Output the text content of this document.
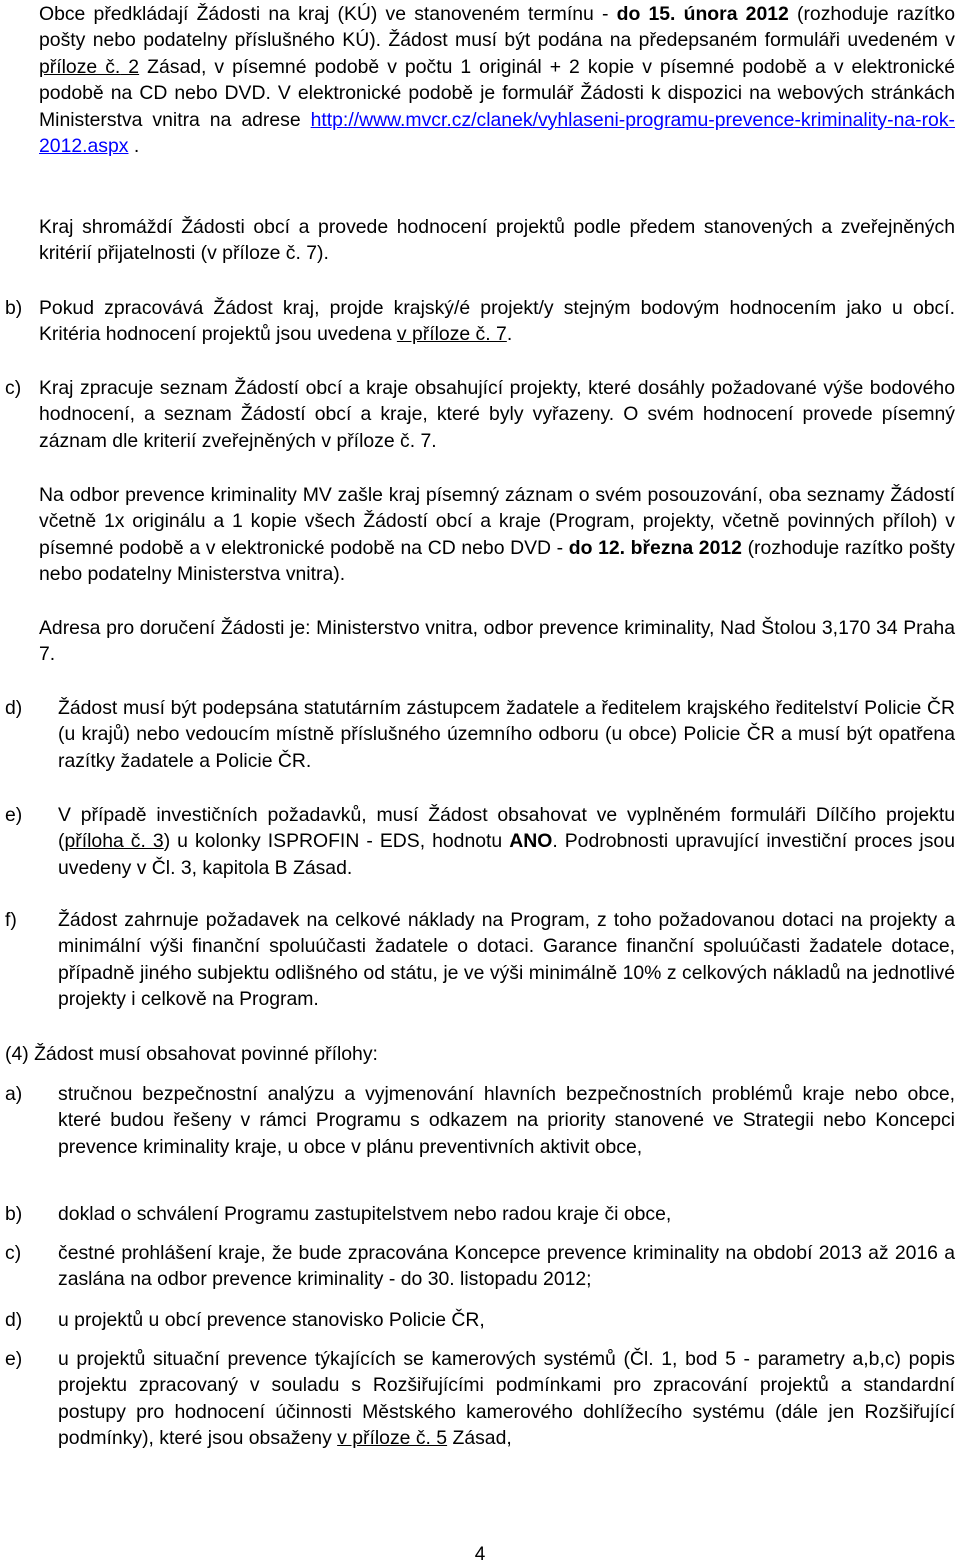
Obce předkládají Žádosti na kraj (KÚ) ve stanoveném termínu - do 15. února 2012 (rozhoduje razítko pošty nebo podatelny příslušného KÚ). Žádost musí být podána na předepsaném formuláři uvedeném v příloze č. 2 Zásad, v písemné podobě v počtu 1 originál + 2 kopie v písemné podobě a v elektronické podobě na CD nebo DVD. V elektronické podobě je formulář Žádosti k dispozici na webových stránkách Ministerstva vnitra na adrese http://www.mvcr.cz/clanek/vyhlaseni-programu-prevence-kriminality-na-rok-2012.aspx .

Kraj shromáždí Žádosti obcí a provede hodnocení projektů podle předem stanovených a zveřejněných kritérií přijatelnosti (v příloze č. 7).

b) Pokud zpracovává Žádost kraj, projde krajský/é projekt/y stejným bodovým hodnocením jako u obcí. Kritéria hodnocení projektů jsou uvedena v příloze č. 7.

c) Kraj zpracuje seznam Žádostí obcí a kraje obsahující projekty, které dosáhly požadované výše bodového hodnocení, a seznam Žádostí obcí a kraje, které byly vyřazeny. O svém hodnocení provede písemný záznam dle kriterií zveřejněných v příloze č. 7.

Na odbor prevence kriminality MV zašle kraj písemný záznam o svém posouzování, oba seznamy Žádostí včetně 1x originálu a 1 kopie všech Žádostí obcí a kraje (Program, projekty, včetně povinných příloh) v písemné podobě a v elektronické podobě na CD nebo DVD - do 12. března 2012 (rozhoduje razítko pošty nebo podatelny Ministerstva vnitra).

Adresa pro doručení Žádosti je: Ministerstvo vnitra, odbor prevence kriminality, Nad Štolou 3,170 34 Praha 7.

d) Žádost musí být podepsána statutárním zástupcem žadatele a ředitelem krajského ředitelství Policie ČR (u krajů) nebo vedoucím místně příslušného územního odboru (u obce) Policie ČR a musí být opatřena razítky žadatele a Policie ČR.

e) V případě investičních požadavků, musí Žádost obsahovat ve vyplněném formuláři Dílčího projektu (příloha č. 3) u kolonky ISPROFIN - EDS, hodnotu ANO. Podrobnosti upravující investiční proces jsou uvedeny v Čl. 3, kapitola B Zásad.

f) Žádost zahrnuje požadavek na celkové náklady na Program, z toho požadovanou dotaci na projekty a minimální výši finanční spoluúčasti žadatele o dotaci. Garance finanční spoluúčasti žadatele dotace, případně jiného subjektu odlišného od státu, je ve výši minimálně 10% z celkových nákladů na jednotlivé projekty i celkově na Program.

(4) Žádost musí obsahovat povinné přílohy:

a) stručnou bezpečnostní analýzu a vyjmenování hlavních bezpečnostních problémů kraje nebo obce, které budou řešeny v rámci Programu s odkazem na priority stanovené ve Strategii nebo Koncepci prevence kriminality kraje, u obce v plánu preventivních aktivit obce,

b) doklad o schválení Programu zastupitelstvem nebo radou kraje či obce,

c) čestné prohlášení kraje, že bude zpracována Koncepce prevence kriminality na období 2013 až 2016 a zaslána na odbor prevence kriminality - do 30. listopadu 2012;

d) u projektů u obcí prevence stanovisko Policie ČR,

e) u projektů situační prevence týkajících se kamerových systémů (Čl. 1, bod 5 - parametry a,b,c) popis projektu zpracovaný v souladu s Rozšiřujícími podmínkami pro zpracování projektů a standardní postupy pro hodnocení účinnosti Městského kamerového dohlížecího systému (dále jen Rozšiřující podmínky), které jsou obsaženy v příloze č. 5 Zásad,

4
